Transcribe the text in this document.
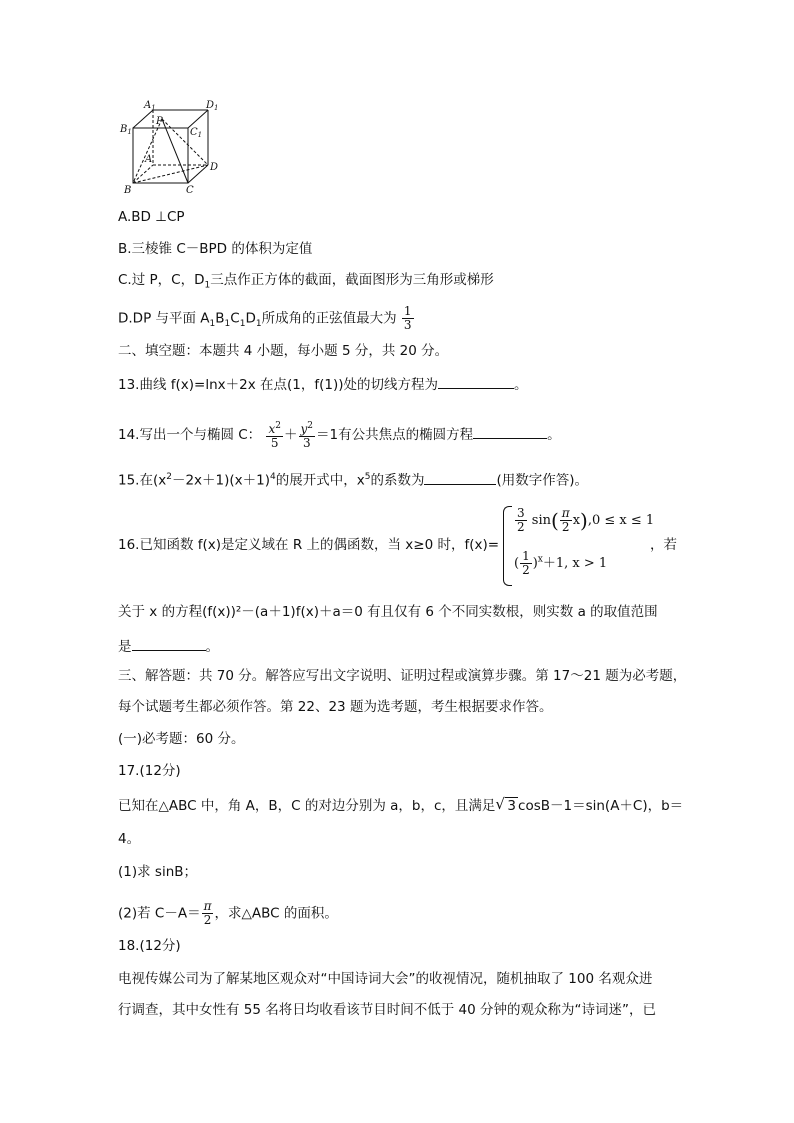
$A_1$	$D_1$
$B_1$	$C_1$
P
A
D
B	C
A.BD ⊥CP
B.三棱锥 C－BPD 的体积为定值
C.过 P，C，$D_1$三点作正方体的截面，截面图形为三角形或梯形
D.DP 与平面 $A_1B_1C_1D_1$所成角的正弦值最大为 $\frac{1}{3}$
二、填空题：本题共 4 小题，每小题 5 分，共 20 分。
13.曲线 f(x)=lnx＋2x 在点(1，f(1))处的切线方程为	。
14.写出一个与椭圆 C： $\frac{x^2}{5} + \frac{y^2}{3} =1$有公共焦点的椭圆方程	。
15.在$(x^2-2x+1)(x+1)^4$的展开式中，$x^5$的系数为	(用数字作答)。
16.已知函数 f(x)是定义域在 R 上的偶函数，当 x≥0 时，f(x)=
$\frac{3}{2} \sin( \frac{\pi}{2} x),0 \le x \le 1$
( $\frac{1}{2} )^x+1$, x > 1
，若
关于 x 的方程(f(x))²－(a＋1)f(x)＋a＝0 有且仅有 6 个不同实数根，则实数 a 的取值范围
是	。
三、解答题：共 70 分。解答应写出文字说明、证明过程或演算步骤。第 17～21 题为必考题，
每个试题考生都必须作答。第 22、23 题为选考题，考生根据要求作答。
(一)必考题：60 分。
17.(12分)
已知在△ABC 中，角 A，B，C 的对边分别为 a，b，c，且满足√ 3 cosB－1＝sin(A＋C)，b＝
4。
(1)求 sinB；
(2)若 $C-A= \frac{\pi}{2}$ ，求△ABC 的面积。
18.(12分)
电视传媒公司为了解某地区观众对“中国诗词大会”的收视情况，随机抽取了 100 名观众进
行调查，其中女性有 55 名将日均收看该节目时间不低于 40 分钟的观众称为“诗词迷”，已
